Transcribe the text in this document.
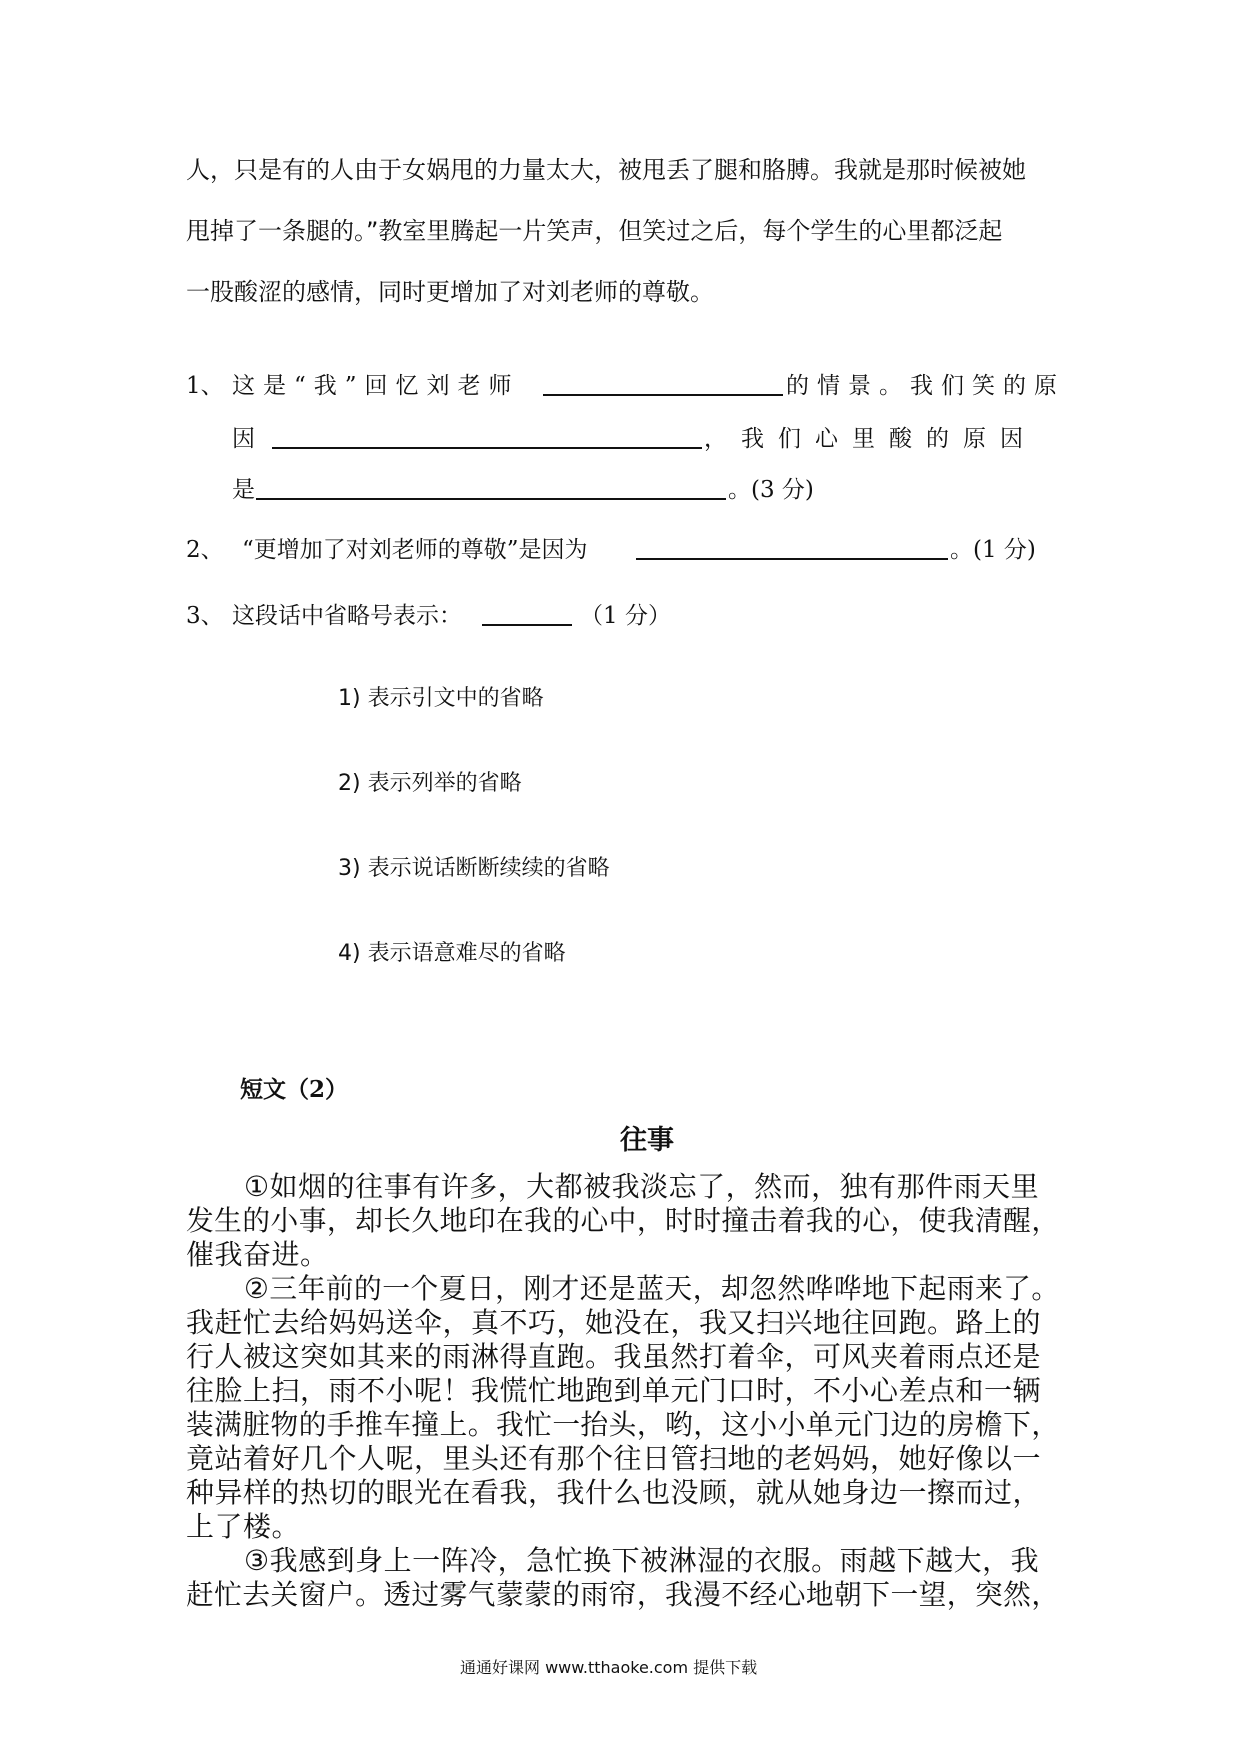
人，只是有的人由于女娲甩的力量太大，被甩丢了腿和胳膊。我就是那时候被她
甩掉了一条腿的。”教室里腾起一片笑声，但笑过之后，每个学生的心里都泛起
一股酸涩的感情，同时更增加了对刘老师的尊敬。
1、 这是“我”回忆刘老师	的情景。我们笑的原
因	，我们心里酸的原因
是	。(3 分)
2、 “更增加了对刘老师的尊敬”是因为	。(1 分)
3、 这段话中省略号表示：	（1 分）
1) 表示引文中的省略
2) 表示列举的省略
3) 表示说话断断续续的省略
4) 表示语意难尽的省略
短文（2）
往事
①如烟的往事有许多，大都被我淡忘了，然而，独有那件雨天里
发生的小事，却长久地印在我的心中，时时撞击着我的心，使我清醒，
催我奋进。
②三年前的一个夏日，刚才还是蓝天，却忽然哗哗地下起雨来了。
我赶忙去给妈妈送伞，真不巧，她没在，我又扫兴地往回跑。路上的
行人被这突如其来的雨淋得直跑。我虽然打着伞，可风夹着雨点还是
往脸上扫，雨不小呢！我慌忙地跑到单元门口时，不小心差点和一辆
装满脏物的手推车撞上。我忙一抬头，哟，这小小单元门边的房檐下，
竟站着好几个人呢，里头还有那个往日管扫地的老妈妈，她好像以一
种异样的热切的眼光在看我，我什么也没顾，就从她身边一擦而过，
上了楼。
③我感到身上一阵冷，急忙换下被淋湿的衣服。雨越下越大，我
赶忙去关窗户。透过雾气蒙蒙的雨帘，我漫不经心地朝下一望，突然，
通通好课网 www.tthaoke.com 提供下载
